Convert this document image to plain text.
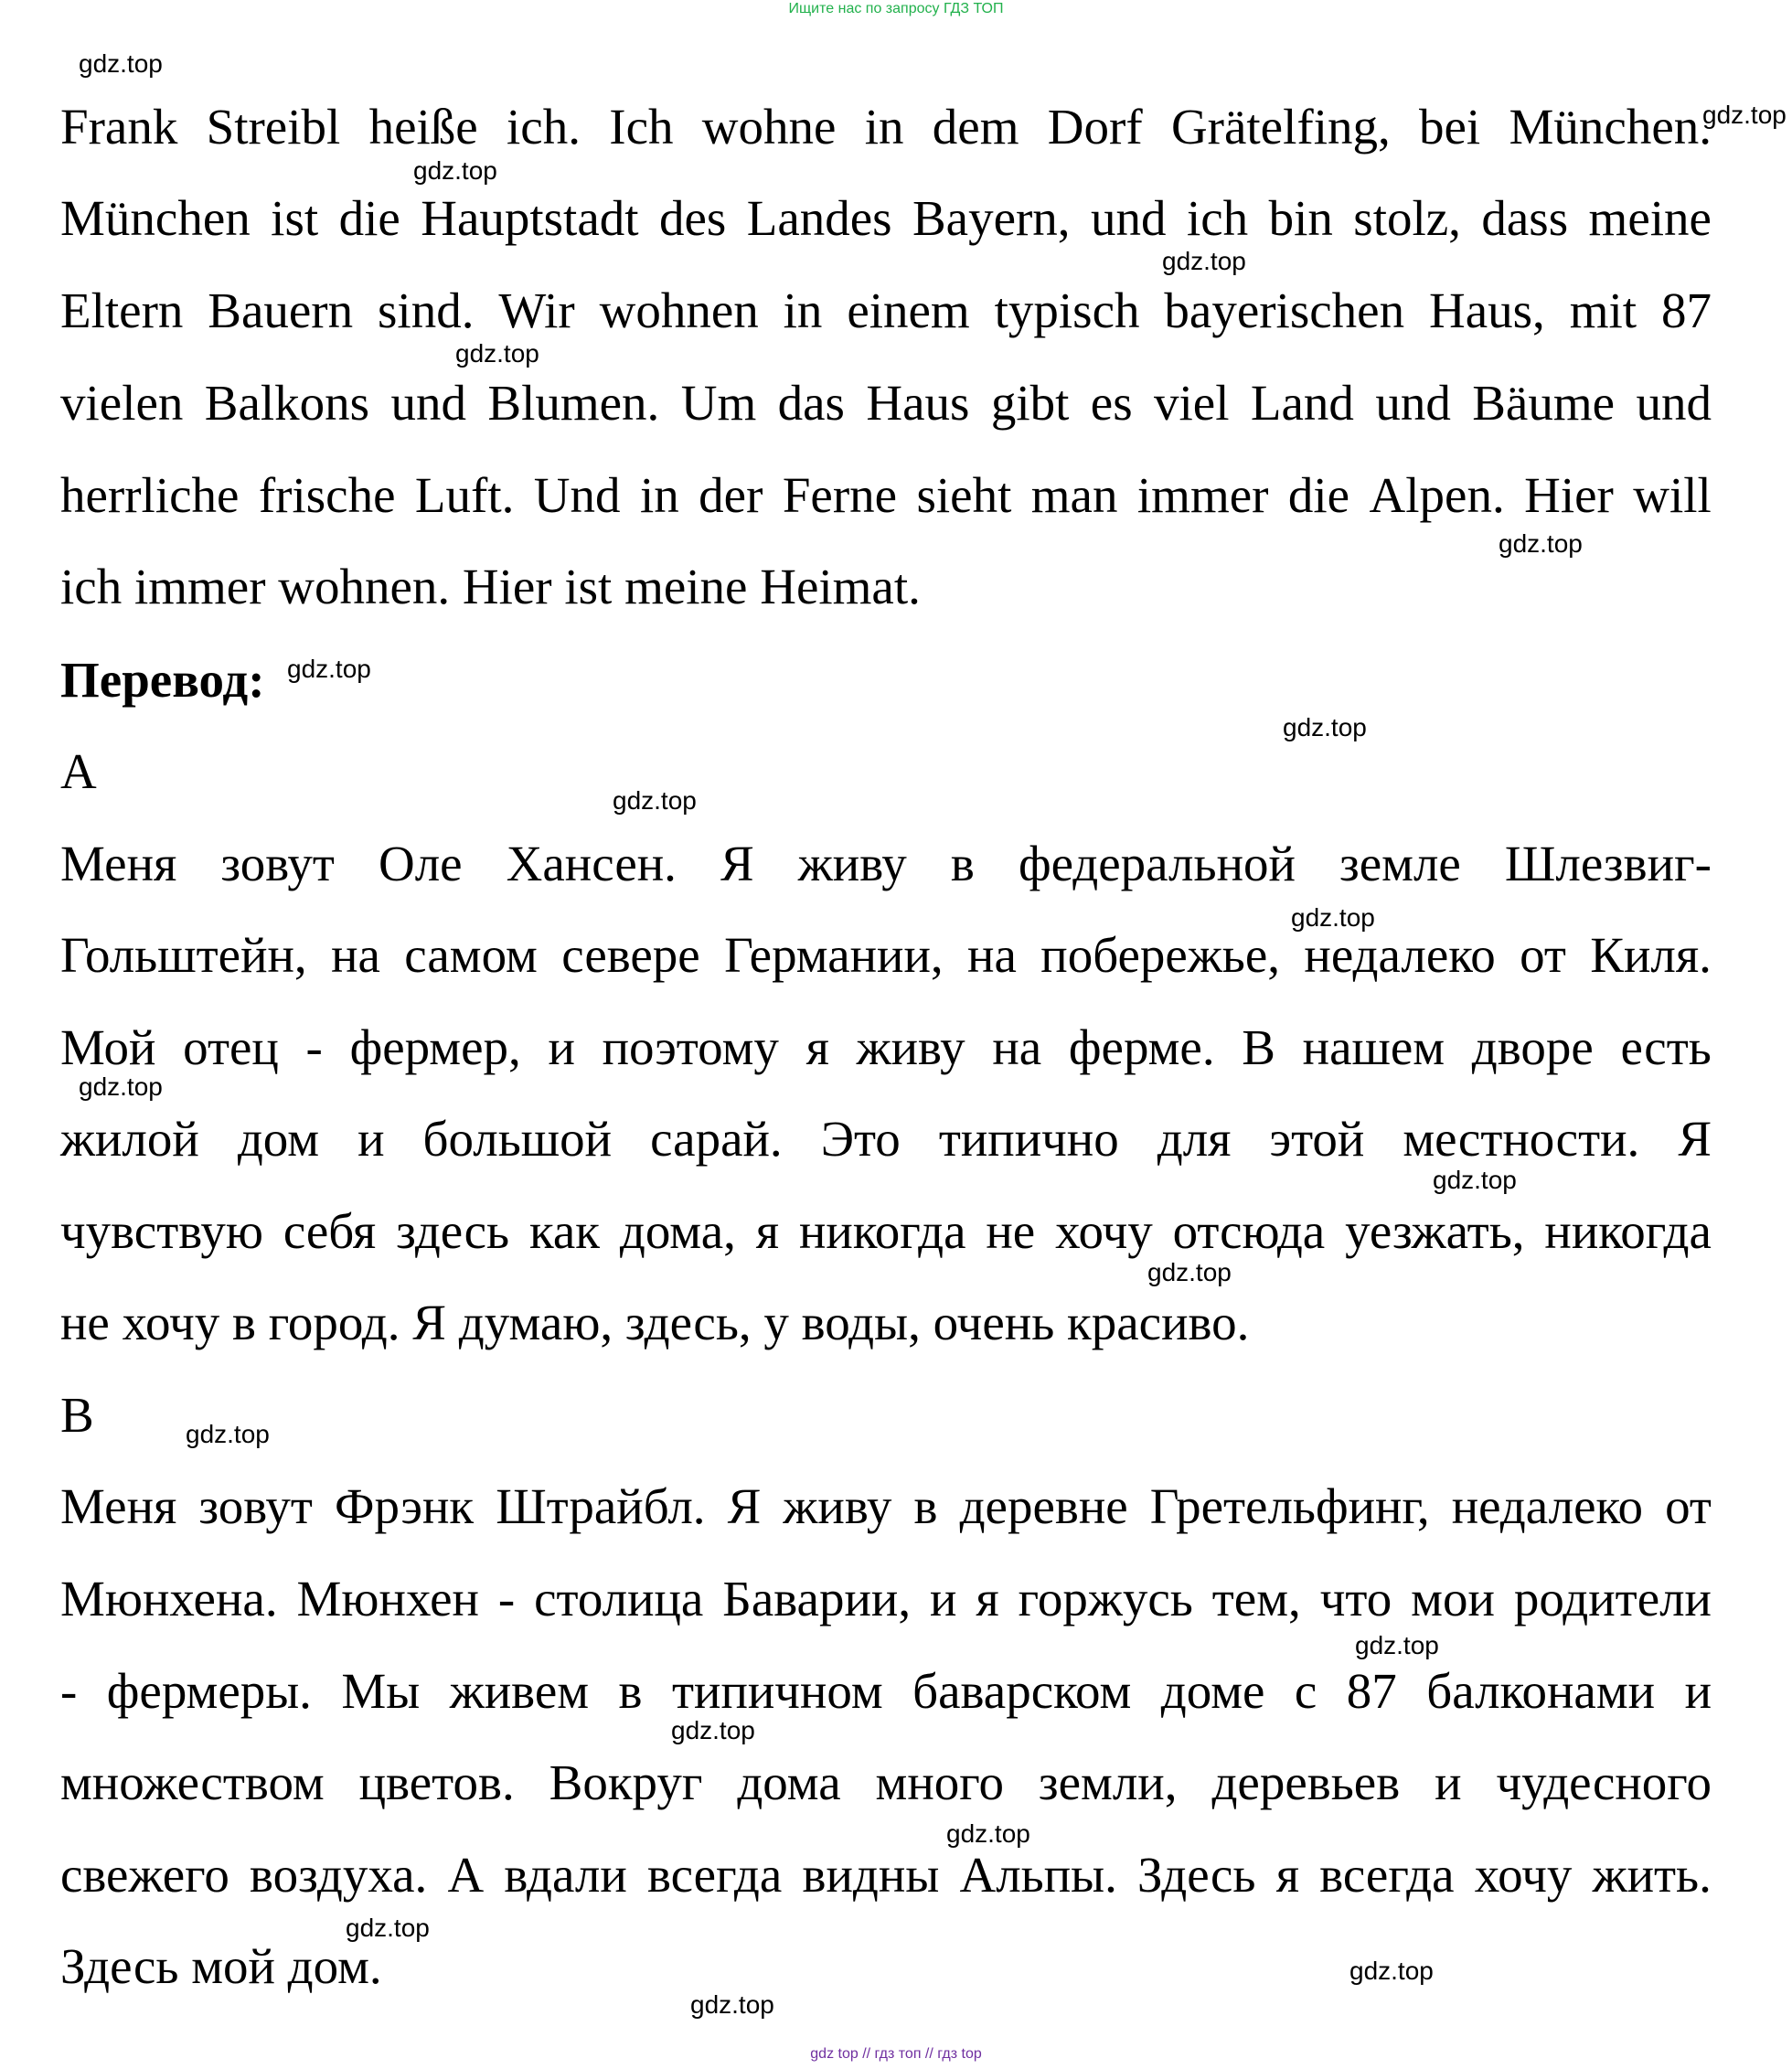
Ищите нас по запросу ГДЗ ТОП
Frank Streibl heiße ich. Ich wohne in dem Dorf Grätelfing, bei München.
München ist die Hauptstadt des Landes Bayern, und ich bin stolz, dass meine
Eltern Bauern sind. Wir wohnen in einem typisch bayerischen Haus, mit 87
vielen Balkons und Blumen. Um das Haus gibt es viel Land und Bäume und
herrliche frische Luft. Und in der Ferne sieht man immer die Alpen. Hier will
ich immer wohnen. Hier ist meine Heimat.
Перевод:
A
Меня зовут Оле Хансен. Я живу в федеральной земле Шлезвиг-
Гольштейн, на самом севере Германии, на побережье, недалеко от Киля.
Мой отец - фермер, и поэтому я живу на ферме. В нашем дворе есть
жилой дом и большой сарай. Это типично для этой местности. Я
чувствую себя здесь как дома, я никогда не хочу отсюда уезжать, никогда
не хочу в город. Я думаю, здесь, у воды, очень красиво.
B
Меня зовут Фрэнк Штрайбл. Я живу в деревне Гретельфинг, недалеко от
Мюнхена. Мюнхен - столица Баварии, и я горжусь тем, что мои родители
- фермеры. Мы живем в типичном баварском доме с 87 балконами и
множеством цветов. Вокруг дома много земли, деревьев и чудесного
свежего воздуха. А вдали всегда видны Альпы. Здесь я всегда хочу жить.
Здесь мой дом.
gdz.top
gdz.top
gdz.top
gdz.top
gdz.top
gdz.top
gdz.top
gdz.top
gdz.top
gdz.top
gdz.top
gdz.top
gdz.top
gdz.top
gdz.top
gdz.top
gdz.top
gdz.top
gdz.top
gdz.top
gdz top // гдз топ // гдз top
